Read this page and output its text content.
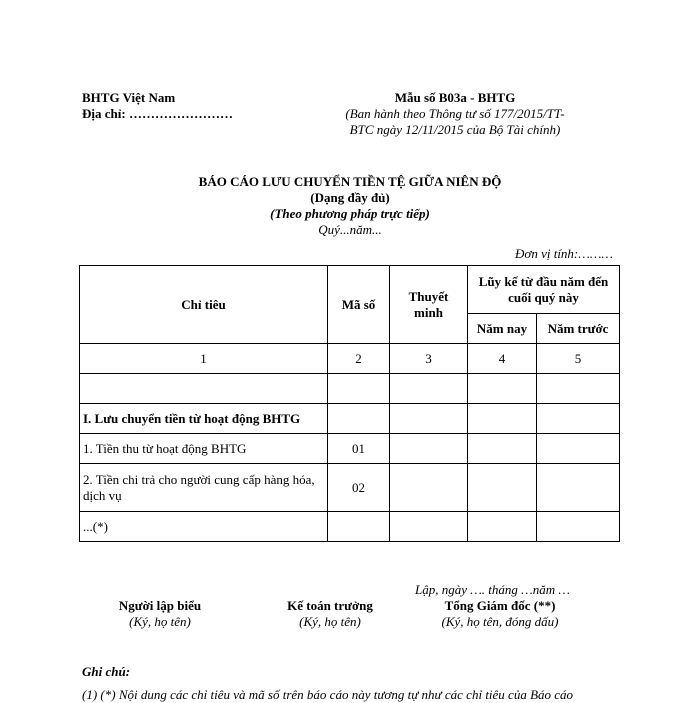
BHTG Việt Nam
Địa chỉ: ……………………
Mẫu số B03a - BHTG
(Ban hành theo Thông tư số 177/2015/TT-
BTC ngày 12/11/2015 của Bộ Tài chính)
BÁO CÁO LƯU CHUYỂN TIỀN TỆ GIỮA NIÊN ĐỘ
(Dạng đầy đủ)
(Theo phương pháp trực tiếp)
Quý...năm...
Đơn vị tính:………
Chỉ tiêu	Mã số	Thuyết minh	Lũy kế từ đầu năm đến cuối quý này	
			Năm nay	Năm trước
1	2	3	4	5

I. Lưu chuyển tiền từ hoạt động BHTG				
1. Tiền thu từ hoạt động BHTG	01			
2. Tiền chi trả cho người cung cấp hàng hóa, dịch vụ	02			
...(*)				
Lập, ngày …. tháng …năm …
Người lập biểu
(Ký, họ tên)
Kế toán trưởng
(Ký, họ tên)
Tổng Giám đốc (**)
(Ký, họ tên, đóng dấu)
Ghi chú:
(1) (*) Nội dung các chỉ tiêu và mã số trên báo cáo này tương tự như các chỉ tiêu của Báo cáo
